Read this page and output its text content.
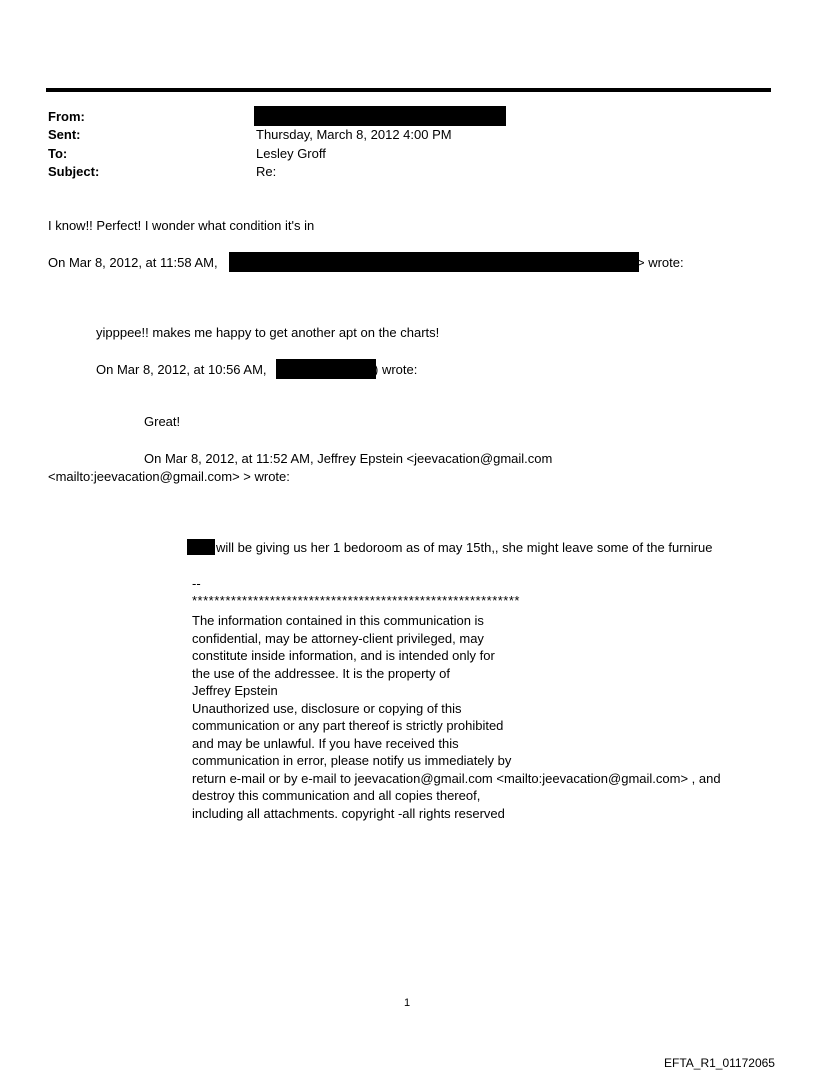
From:
Sent:	Thursday, March 8, 2012 4:00 PM
To:	Lesley Groff
Subject:	Re:
I know!! Perfect! I wonder what condition it's in
On Mar 8, 2012, at 11:58 AM,	> wrote:
yipppee!! makes me happy to get another apt on the charts!
On Mar 8, 2012, at 10:56 AM,	) wrote:
Great!
On Mar 8, 2012, at 11:52 AM, Jeffrey Epstein <jeevacation@gmail.com
<mailto:jeevacation@gmail.com> > wrote:
will be giving us her 1 bedoroom as of may 15th,, she might leave some of the furnirue
--
***********************************************************
The information contained in this communication is
confidential, may be attorney-client privileged, may
constitute inside information, and is intended only for
the use of the addressee. It is the property of
Jeffrey Epstein
Unauthorized use, disclosure or copying of this
communication or any part thereof is strictly prohibited
and may be unlawful. If you have received this
communication in error, please notify us immediately by
return e-mail or by e-mail to jeevacation@gmail.com <mailto:jeevacation@gmail.com> , and
destroy this communication and all copies thereof,
including all attachments. copyright -all rights reserved
1
EFTA_R1_01172065
